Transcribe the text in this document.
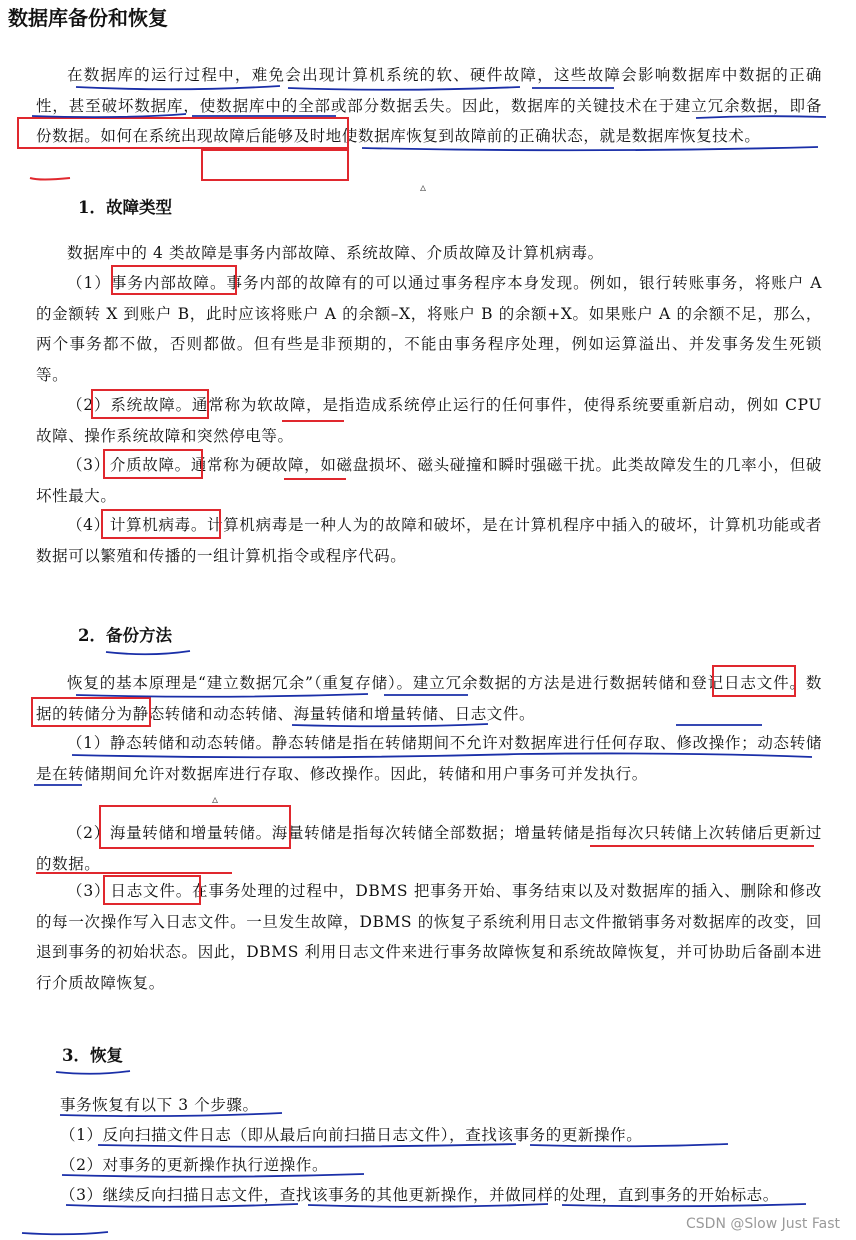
数据库备份和恢复

在数据库的运行过程中，难免会出现计算机系统的软、硬件故障，这些故障会影响数据库中数据的正确性，甚至破坏数据库，使数据库中的全部或部分数据丢失。因此，数据库的关键技术在于建立冗余数据，即备份数据。如何在系统出现故障后能够及时地使数据库恢复到故障前的正确状态，就是数据库恢复技术。

1．故障类型

数据库中的 4 类故障是事务内部故障、系统故障、介质故障及计算机病毒。

（1）事务内部故障。事务内部的故障有的可以通过事务程序本身发现。例如，银行转账事务，将账户 A 的金额转 X 到账户 B，此时应该将账户 A 的余额–X，将账户 B 的余额+X。如果账户 A 的余额不足，那么，两个事务都不做，否则都做。但有些是非预期的，不能由事务程序处理，例如运算溢出、并发事务发生死锁等。

（2）系统故障。通常称为软故障，是指造成系统停止运行的任何事件，使得系统要重新启动，例如 CPU 故障、操作系统故障和突然停电等。

（3）介质故障。通常称为硬故障，如磁盘损坏、磁头碰撞和瞬时强磁干扰。此类故障发生的几率小，但破坏性最大。

（4）计算机病毒。计算机病毒是一种人为的故障和破坏，是在计算机程序中插入的破坏，计算机功能或者数据可以繁殖和传播的一组计算机指令或程序代码。

2．备份方法

恢复的基本原理是“建立数据冗余”（重复存储）。建立冗余数据的方法是进行数据转储和登记日志文件。数据的转储分为静态转储和动态转储、海量转储和增量转储、日志文件。

（1）静态转储和动态转储。静态转储是指在转储期间不允许对数据库进行任何存取、修改操作；动态转储是在转储期间允许对数据库进行存取、修改操作。因此，转储和用户事务可并发执行。

（2）海量转储和增量转储。海量转储是指每次转储全部数据；增量转储是指每次只转储上次转储后更新过的数据。

（3）日志文件。在事务处理的过程中，DBMS 把事务开始、事务结束以及对数据库的插入、删除和修改的每一次操作写入日志文件。一旦发生故障，DBMS 的恢复子系统利用日志文件撤销事务对数据库的改变，回退到事务的初始状态。因此，DBMS 利用日志文件来进行事务故障恢复和系统故障恢复，并可协助后备副本进行介质故障恢复。

3．恢复

事务恢复有以下 3 个步骤。

（1）反向扫描文件日志（即从最后向前扫描日志文件），查找该事务的更新操作。

（2）对事务的更新操作执行逆操作。

（3）继续反向扫描日志文件，查找该事务的其他更新操作，并做同样的处理，直到事务的开始标志。

▵
▵
CSDN @Slow Just Fast
